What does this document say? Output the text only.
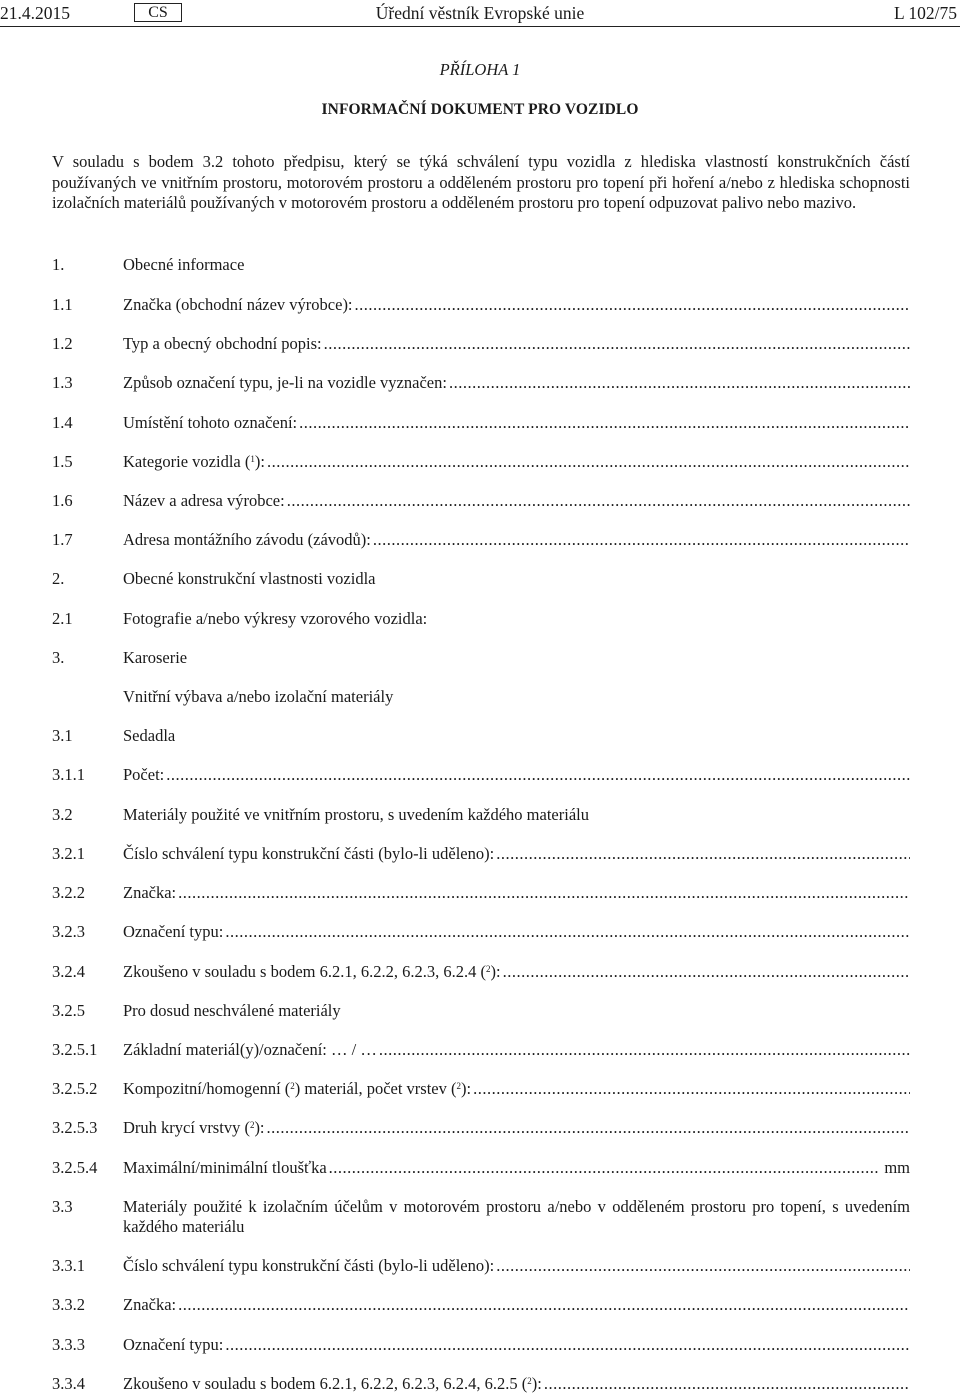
21.4.2015	CS	Úřední věstník Evropské unie	L 102/75
PŘÍLOHA 1
INFORMAČNÍ DOKUMENT PRO VOZIDLO
V souladu s bodem 3.2 tohoto předpisu, který se týká schválení typu vozidla z hlediska vlastností konstrukčních částí používaných ve vnitřním prostoru, motorovém prostoru a odděleném prostoru pro topení při hoření a/nebo z hlediska schopnosti izolačních materiálů používaných v motorovém prostoru a odděleném prostoru pro topení odpuzovat palivo nebo mazivo.
1.	Obecné informace
1.1	Značka (obchodní název výrobce):
.....
1.2	Typ a obecný obchodní popis:
.....
1.3	Způsob označení typu, je-li na vozidle vyznačen:
.....
1.4	Umístění tohoto označení:
.....
1.5	Kategorie vozidla ($^1$):
.....
1.6	Název a adresa výrobce:
.....
1.7	Adresa montážního závodu (závodů):
.....
2.	Obecné konstrukční vlastnosti vozidla
2.1	Fotografie a/nebo výkresy vzorového vozidla:
3.	Karoserie
Vnitřní výbava a/nebo izolační materiály
3.1	Sedadla
3.1.1 Počet:
.....
3.2	Materiály použité ve vnitřním prostoru, s uvedením každého materiálu
3.2.1 Číslo schválení typu konstrukční části (bylo-li uděleno):
.....
3.2.2 Značka:
.....
3.2.3 Označení typu:
.....
3.2.4 Zkoušeno v souladu s bodem 6.2.1, 6.2.2, 6.2.3, 6.2.4 ($^2$):
.....
3.2.5 Pro dosud neschválené materiály
3.2.5.1 Základní materiál(y)/označení: … / …
.....
3.2.5.2 Kompozitní/homogenní ($^2$) materiál, počet vrstev ($^2$):
.....
3.2.5.3 Druh krycí vrstvy ($^2$):
.....
3.2.5.4 Maximální/minimální tloušťka
.....	mm
3.3	Materiály použité k izolačním účelům v motorovém prostoru a/nebo v odděleném prostoru pro topení, s uvedením každého materiálu
3.3.1 Číslo schválení typu konstrukční části (bylo-li uděleno):
.....
3.3.2 Značka:
.....
3.3.3 Označení typu:
.....
3.3.4 Zkoušeno v souladu s bodem 6.2.1, 6.2.2, 6.2.3, 6.2.4, 6.2.5 ($^2$):
.....
